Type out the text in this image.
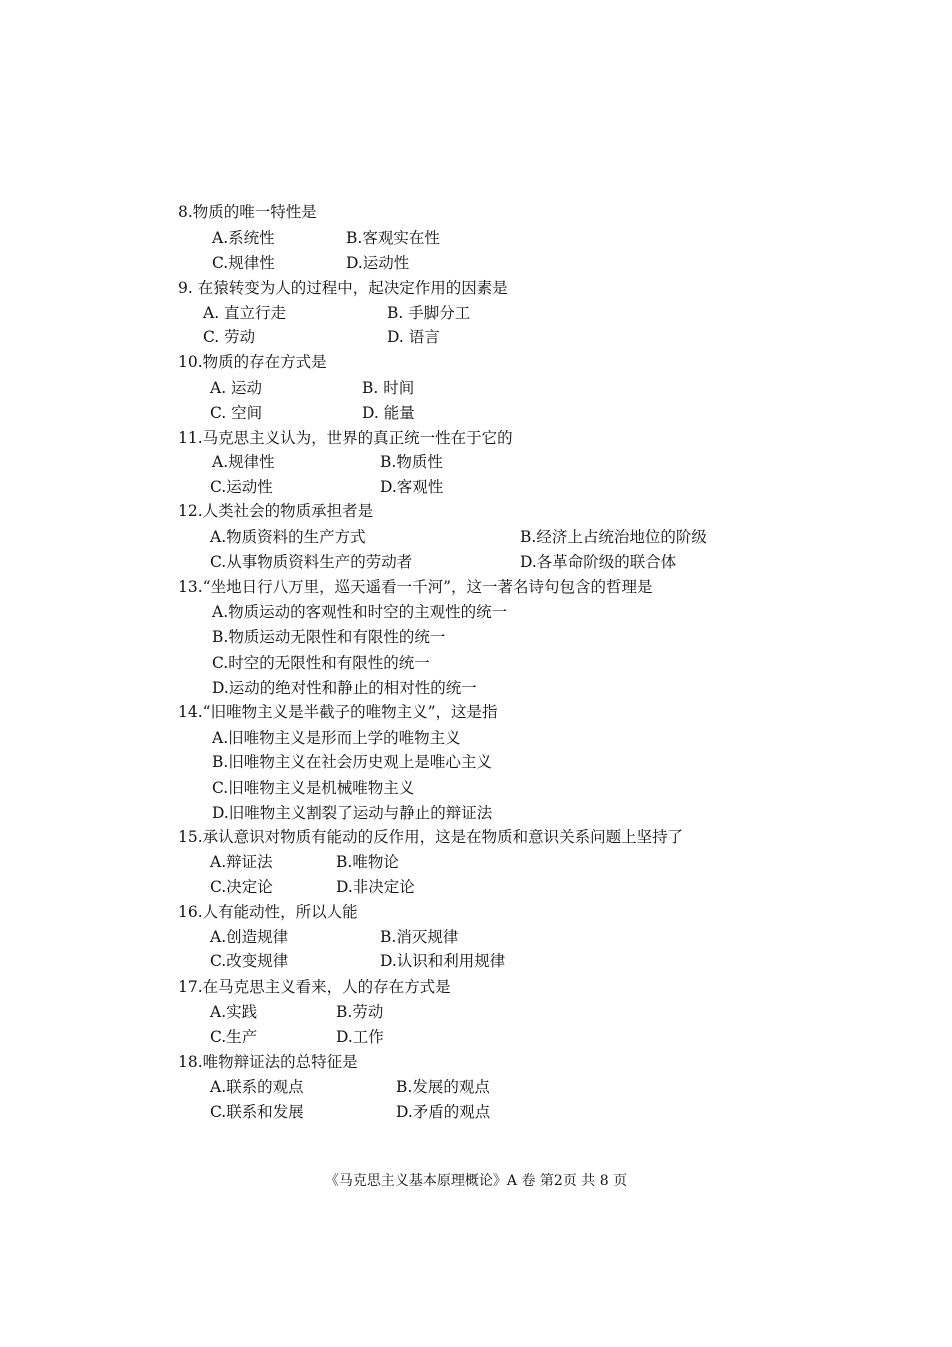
8.物质的唯一特性是
A.系统性	B.客观实在性
C.规律性	D.运动性
9. 在猿转变为人的过程中，起决定作用的因素是
A. 直立行走	B. 手脚分工
C. 劳动	D. 语言
10.物质的存在方式是
A. 运动	B. 时间
C. 空间	D. 能量
11.马克思主义认为，世界的真正统一性在于它的
A.规律性	B.物质性
C.运动性	D.客观性
12.人类社会的物质承担者是
A.物质资料的生产方式	B.经济上占统治地位的阶级
C.从事物质资料生产的劳动者	D.各革命阶级的联合体
13.“坐地日行八万里，巡天遥看一千河”，这一著名诗句包含的哲理是
A.物质运动的客观性和时空的主观性的统一
B.物质运动无限性和有限性的统一
C.时空的无限性和有限性的统一
D.运动的绝对性和静止的相对性的统一
14.“旧唯物主义是半截子的唯物主义”，这是指
A.旧唯物主义是形而上学的唯物主义
B.旧唯物主义在社会历史观上是唯心主义
C.旧唯物主义是机械唯物主义
D.旧唯物主义割裂了运动与静止的辩证法
15.承认意识对物质有能动的反作用，这是在物质和意识关系问题上坚持了
A.辩证法	B.唯物论
C.决定论	D.非决定论
16.人有能动性，所以人能
A.创造规律	B.消灭规律
C.改变规律	D.认识和利用规律
17.在马克思主义看来，人的存在方式是
A.实践	B.劳动
C.生产	D.工作
18.唯物辩证法的总特征是
A.联系的观点	B.发展的观点
C.联系和发展	D.矛盾的观点
《马克思主义基本原理概论》A 卷 第2页 共 8 页
